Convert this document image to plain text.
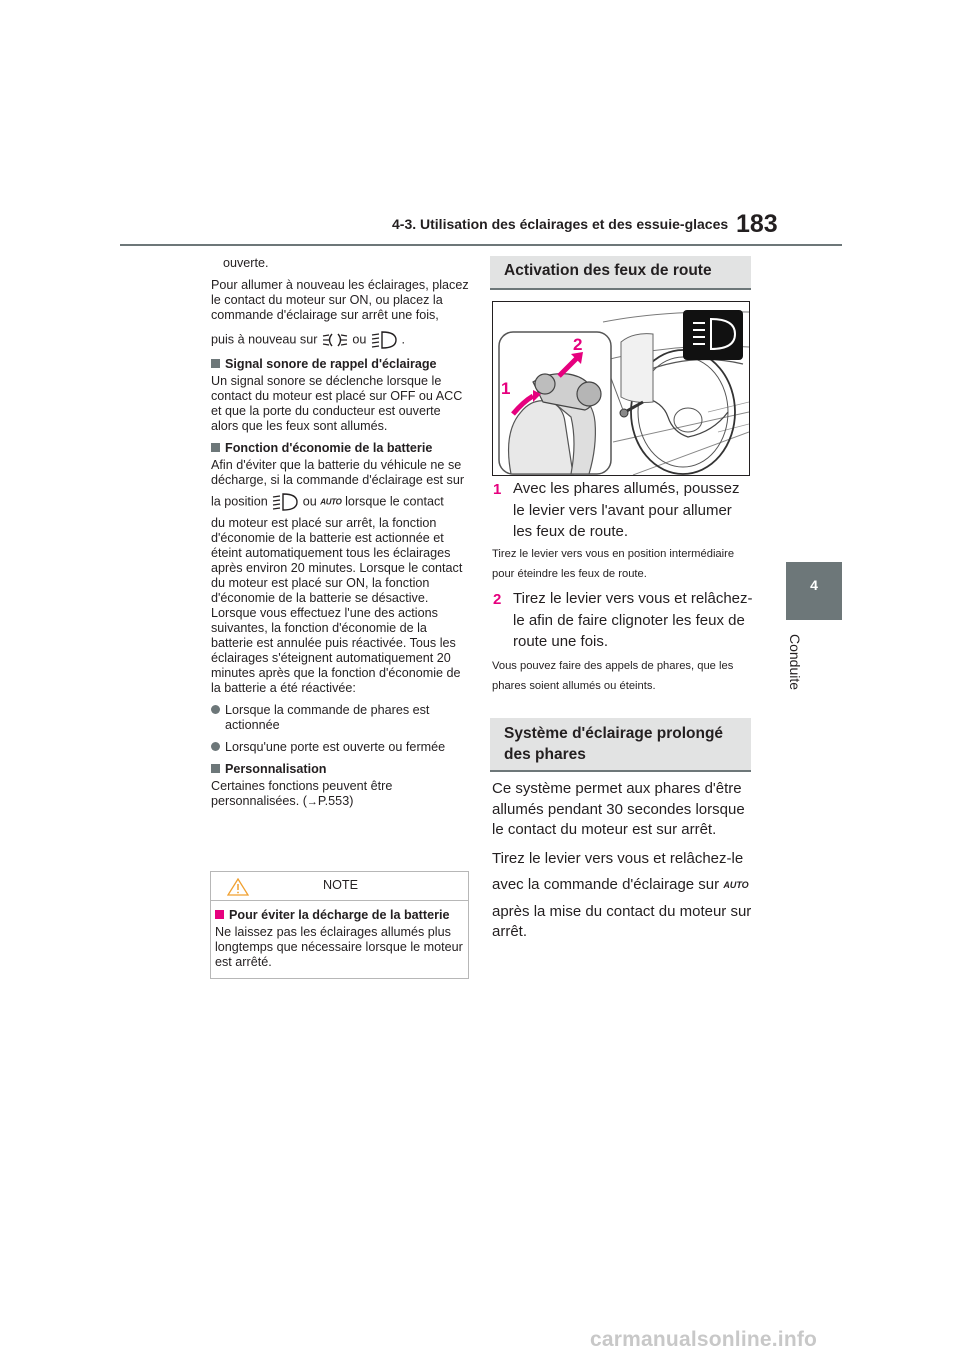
4-3. Utilisation des éclairages et des essuie-glaces 183
4
Conduite

ouverte.

Pour allumer à nouveau les éclairages, placez le contact du moteur sur ON, ou placez la commande d'éclairage sur arrêt une fois,

puis à nouveau sur	ou	.

Signal sonore de rappel d'éclairage

Un signal sonore se déclenche lorsque le contact du moteur est placé sur OFF ou ACC et que la porte du conducteur est ouverte alors que les feux sont allumés.

Fonction d'économie de la batterie

Afin d'éviter que la batterie du véhicule ne se décharge, si la commande d'éclairage est sur

la position	ou AUTO lorsque le contact

du moteur est placé sur arrêt, la fonction d'économie de la batterie est actionnée et éteint automatiquement tous les éclairages après environ 20 minutes. Lorsque le contact du moteur est placé sur ON, la fonction d'économie de la batterie se désactive. Lorsque vous effectuez l'une des actions suivantes, la fonction d'économie de la batterie est annulée puis réactivée. Tous les éclairages s'éteignent automatiquement 20 minutes après que la fonction d'économie de la batterie a été réactivée:

Lorsque la commande de phares est actionnée

Lorsqu'une porte est ouverte ou fermée

Personnalisation

Certaines fonctions peuvent être personnalisées. (→P.553)

NOTE
Pour éviter la décharge de la batterie
Ne laissez pas les éclairages allumés plus longtemps que nécessaire lorsque le moteur est arrêté.
Activation des feux de route
1
2
1 Avec les phares allumés, poussez le levier vers l'avant pour allumer les feux de route.
Tirez le levier vers vous en position intermédiaire pour éteindre les feux de route.
2 Tirez le levier vers vous et relâchez-le afin de faire clignoter les feux de route une fois.
Vous pouvez faire des appels de phares, que les phares soient allumés ou éteints.
Système d'éclairage prolongé des phares

Ce système permet aux phares d'être allumés pendant 30 secondes lorsque le contact du moteur est sur arrêt.

Tirez le levier vers vous et relâchez-le

avec la commande d'éclairage sur AUTO

après la mise du contact du moteur sur arrêt.

carmanualsonline.info
